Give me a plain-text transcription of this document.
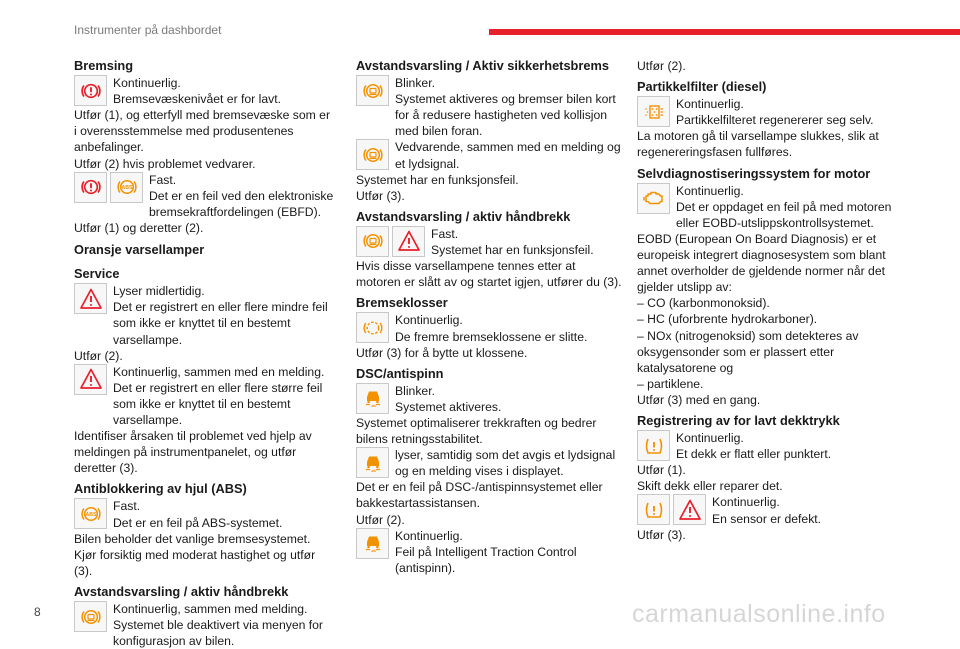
Instrumenter på dashbordet
Bremsing
Kontinuerlig.
Bremsevæskenivået er for lavt.
Utfør (1), og etterfyll med bremsevæske som er i overensstemmelse med produsentenes anbefalinger.
Utfør (2) hvis problemet vedvarer.
Fast.
Det er en feil ved den elektroniske bremsekraftfordelingen (EBFD).
Utfør (1) og deretter (2).
Oransje varsellamper
Service
Lyser midlertidig.
Det er registrert en eller flere mindre feil som ikke er knyttet til en bestemt varsellampe.
Utfør (2).
Kontinuerlig, sammen med en melding.
Det er registrert en eller flere større feil som ikke er knyttet til en bestemt varsellampe.
Identifiser årsaken til problemet ved hjelp av meldingen på instrumentpanelet, og utfør deretter (3).
Antiblokkering av hjul (ABS)
Fast.
Det er en feil på ABS-systemet.
Bilen beholder det vanlige bremsesystemet.
Kjør forsiktig med moderat hastighet og utfør (3).
Avstandsvarsling / aktiv håndbrekk
Kontinuerlig, sammen med melding.
Systemet ble deaktivert via menyen for konfigurasjon av bilen.
Avstandsvarsling / Aktiv sikkerhetsbrems
Blinker.
Systemet aktiveres og bremser bilen kort for å redusere hastigheten ved kollisjon med bilen foran.
Vedvarende, sammen med en melding og et lydsignal.
Systemet har en funksjonsfeil.
Utfør (3).
Avstandsvarsling / aktiv håndbrekk
Fast.
Systemet har en funksjonsfeil.
Hvis disse varsellampene tennes etter at motoren er slått av og startet igjen, utfører du (3).
Bremseklosser
Kontinuerlig.
De fremre bremseklossene er slitte.
Utfør (3) for å bytte ut klossene.
DSC/antispinn
Blinker.
Systemet aktiveres.
Systemet optimaliserer trekkraften og bedrer bilens retningsstabilitet.
lyser, samtidig som det avgis et lydsignal og en melding vises i displayet.
Det er en feil på DSC-/antispinnsystemet eller bakkestartassistansen.
Utfør (2).
Kontinuerlig.
Feil på Intelligent Traction Control (antispinn).
Utfør (2).
Partikkelfilter (diesel)
Kontinuerlig.
Partikkelfilteret regenererer seg selv.
La motoren gå til varsellampe slukkes, slik at regenereringsfasen fullføres.
Selvdiagnostiseringssystem for motor
Kontinuerlig.
Det er oppdaget en feil på med motoren eller EOBD-utslippskontrollsystemet.
EOBD (European On Board Diagnosis) er et europeisk integrert diagnosesystem som blant annet overholder de gjeldende normer når det gjelder utslipp av:
– CO (karbonmonoksid).
– HC (uforbrente hydrokarboner).
– NOx (nitrogenoksid) som detekteres av oksygensonder som er plassert etter katalysatorene og
– partiklene.
Utfør (3) med en gang.
Registrering av for lavt dekktrykk
Kontinuerlig.
Et dekk er flatt eller punktert.
Utfør (1).
Skift dekk eller reparer det.
Kontinuerlig.
En sensor er defekt.
Utfør (3).
8	carmanualsonline.info
